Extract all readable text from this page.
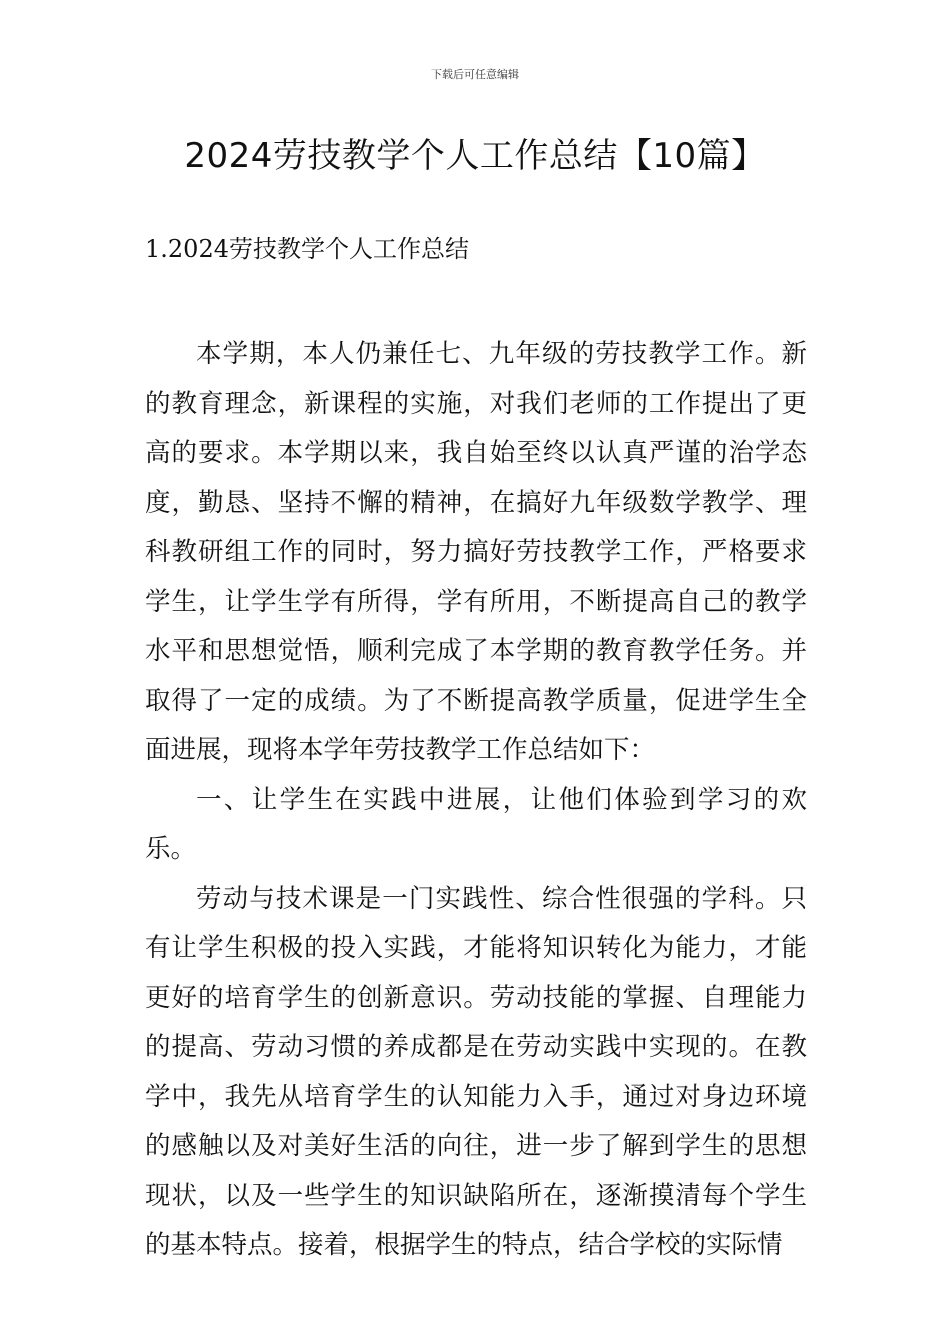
下载后可任意编辑
2024劳技教学个人工作总结【10篇】
1.2024劳技教学个人工作总结

本学期，本人仍兼任七、九年级的劳技教学工作。新的教育理念，新课程的实施，对我们老师的工作提出了更高的要求。本学期以来，我自始至终以认真严谨的治学态度，勤恳、坚持不懈的精神，在搞好九年级数学教学、理科教研组工作的同时，努力搞好劳技教学工作，严格要求学生，让学生学有所得，学有所用，不断提高自己的教学水平和思想觉悟，顺利完成了本学期的教育教学任务。并取得了一定的成绩。为了不断提高教学质量，促进学生全面进展，现将本学年劳技教学工作总结如下：

一、让学生在实践中进展，让他们体验到学习的欢乐。

劳动与技术课是一门实践性、综合性很强的学科。只有让学生积极的投入实践，才能将知识转化为能力，才能更好的培育学生的创新意识。劳动技能的掌握、自理能力的提高、劳动习惯的养成都是在劳动实践中实现的。在教学中，我先从培育学生的认知能力入手，通过对身边环境的感触以及对美好生活的向往，进一步了解到学生的思想现状，以及一些学生的知识缺陷所在，逐渐摸清每个学生的基本特点。接着，根据学生的特点，结合学校的实际情
